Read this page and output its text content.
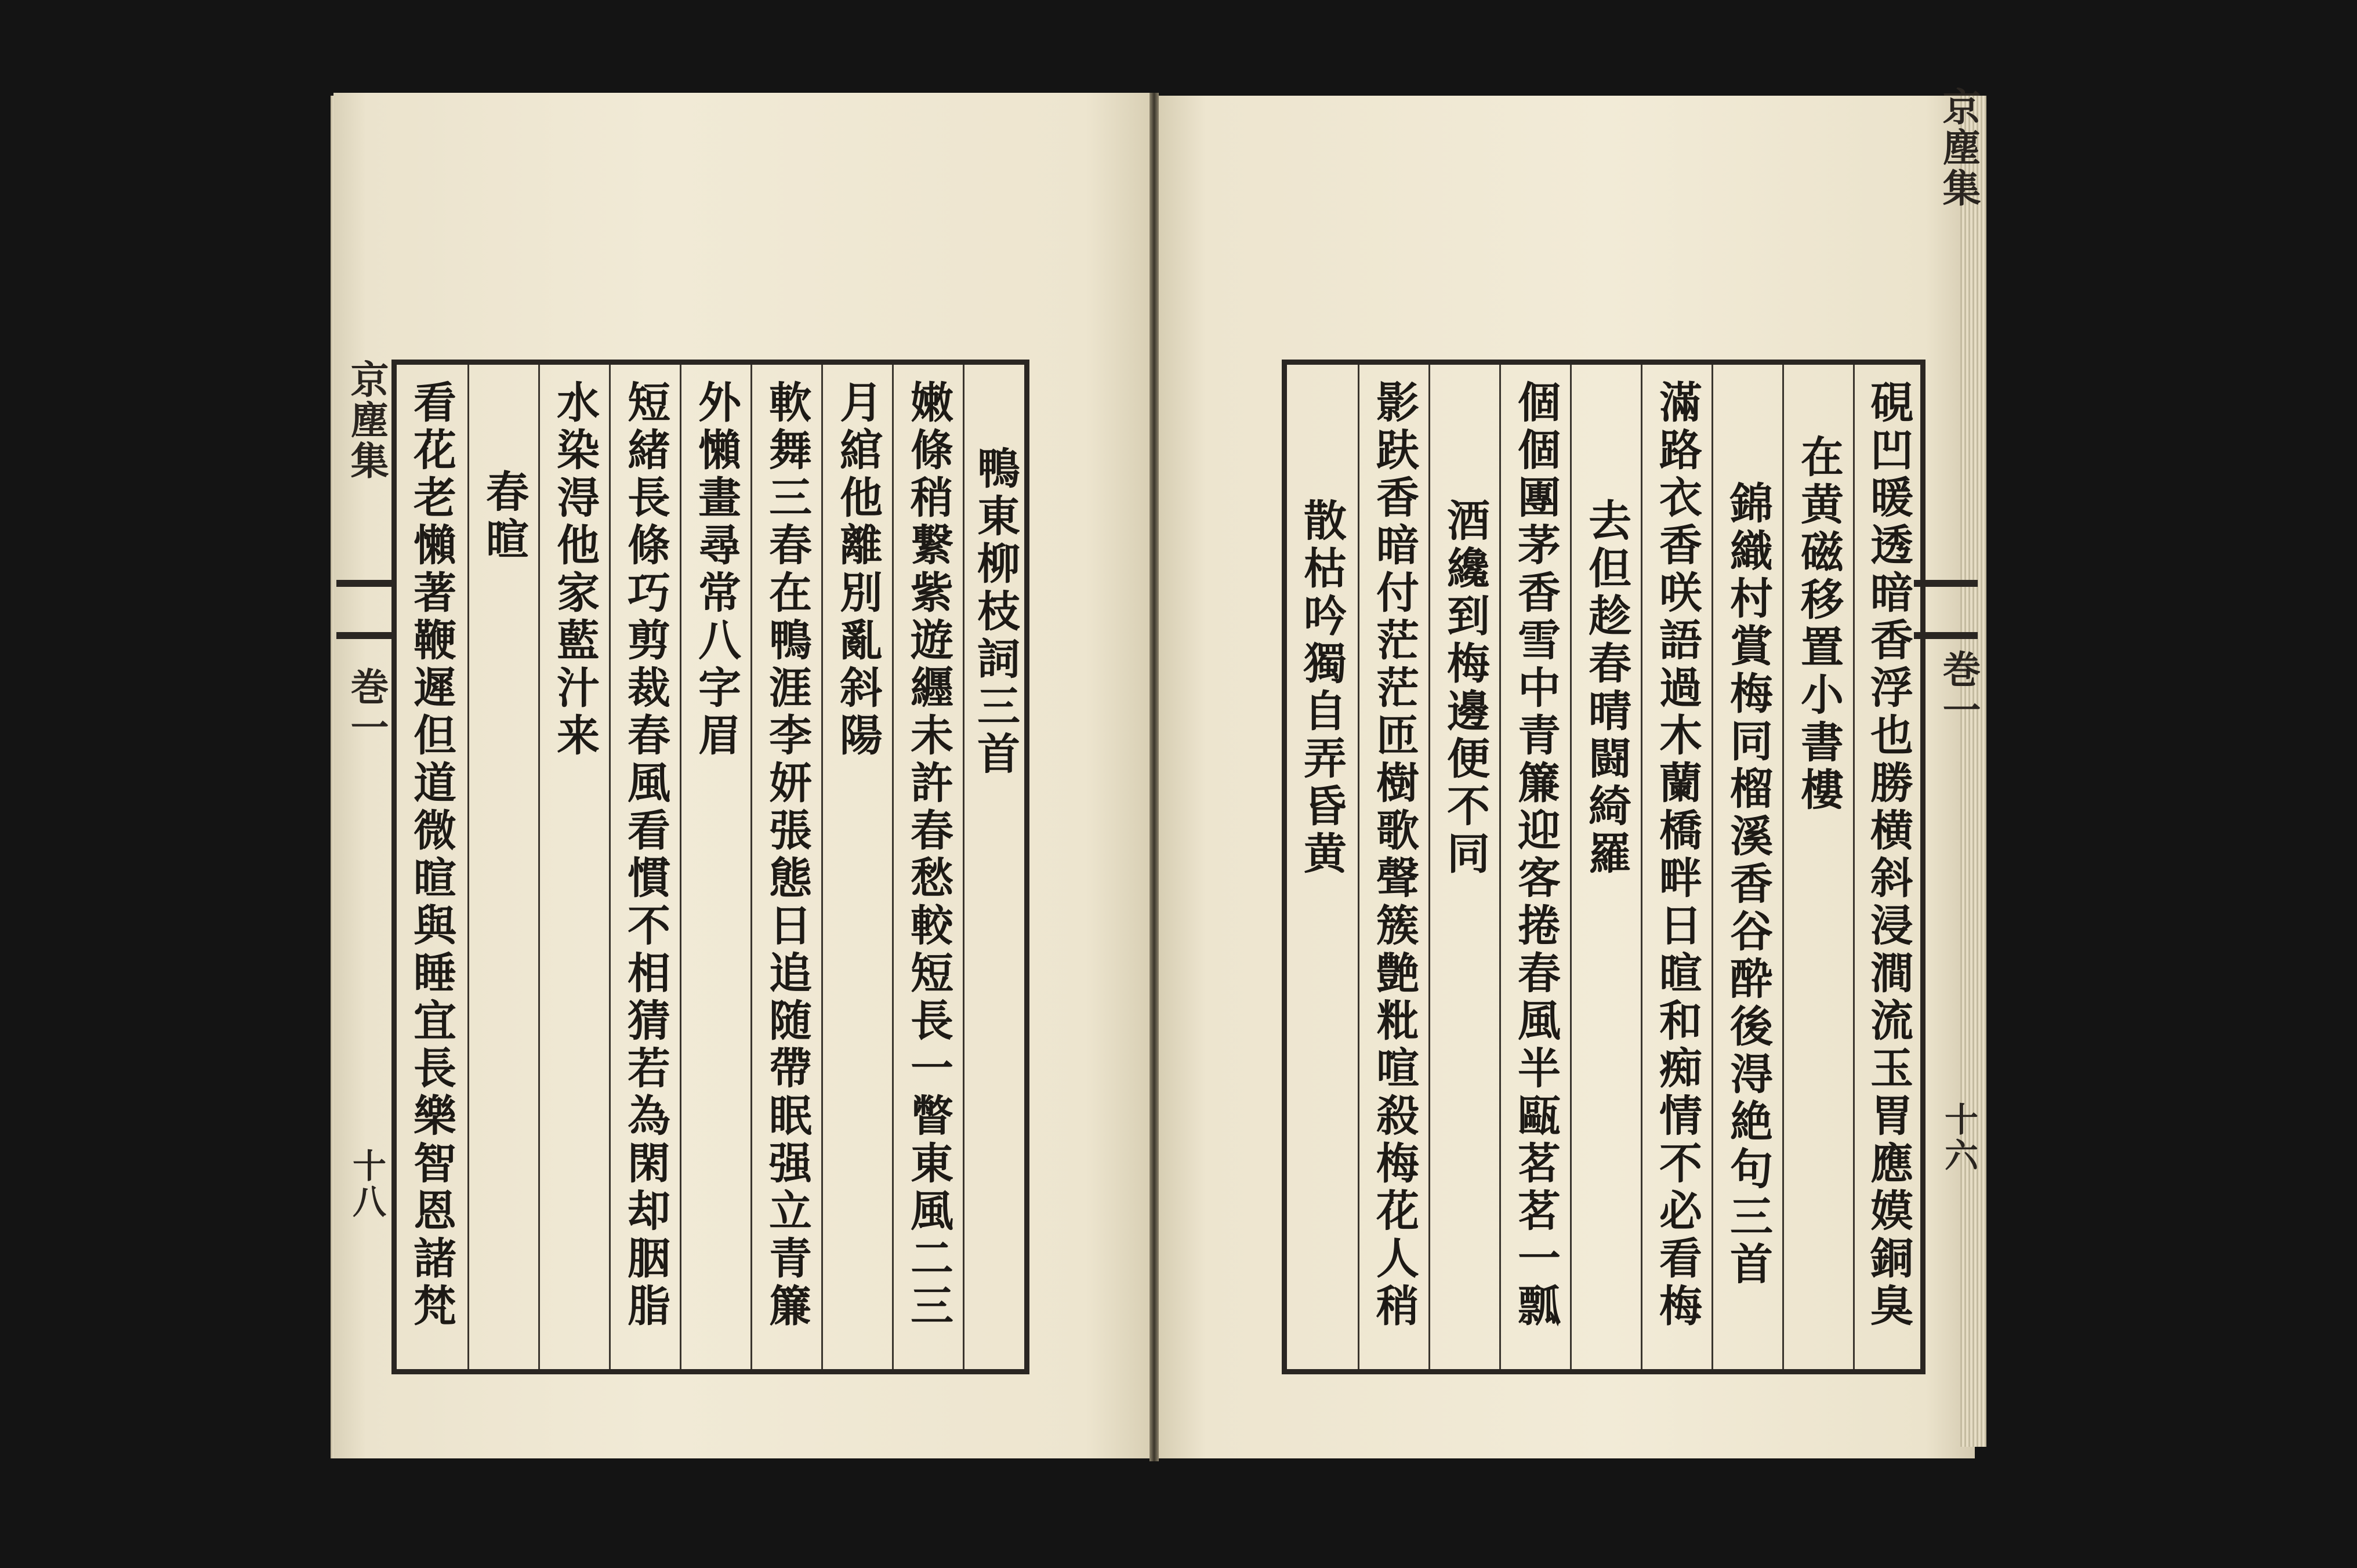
京塵集
巻一
十六
散枯吟獨自弄昏黄 影趺香暗付茫茫匝樹歌聲簇艶粃喧殺梅花人稍 酒纔到梅邊便不同 個個團茅香雪中青簾迎客捲春風半甌茗茗一瓢 去但趁春晴闘綺羅 滿路衣香咲語過木蘭橋畔日暄和痴情不必看梅 錦織村賞梅同榴溪香谷酔後淂絶句三首 在黄磁移置小書樓 硯凹暖透暗香浮也勝横斜浸澗流玉胃應嫫銅臭
京塵集
巻一
十八 看花老懶著鞭遲但道微暄與睡宜長樂智恩諸梵 春暄 水染淂他家藍汁来 短緒長條巧剪裁春風看慣不相猜若為閑却胭脂 外懶畫尋常八字眉 軟舞三春在鴨涯李妍張態日追随帶眠强立青簾 月綰他離別亂斜陽 嫩條稍繋紫遊纒未許春愁較短長一瞥東風二三 鴨東柳枝詞三首
